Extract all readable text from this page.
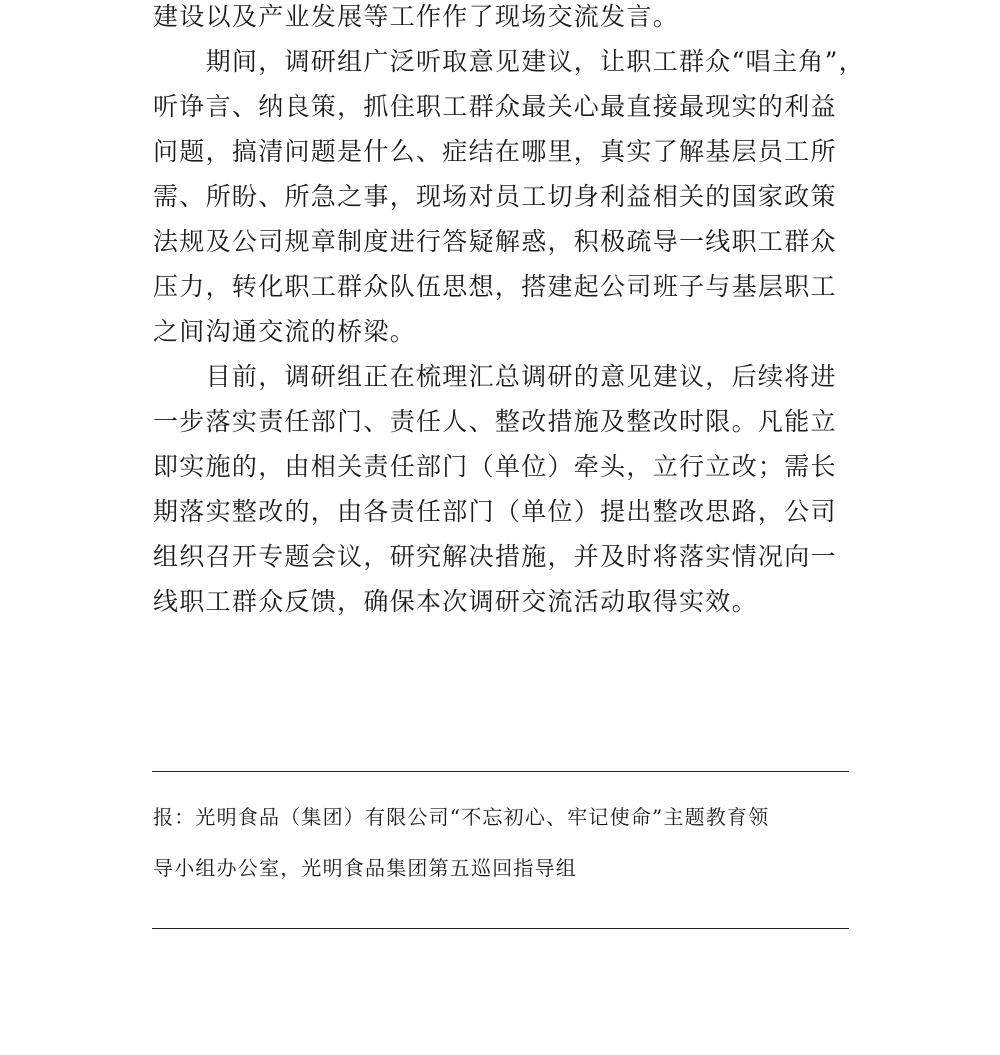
建设以及产业发展等工作作了现场交流发言。
　　期间，调研组广泛听取意见建议，让职工群众“唱主角”，
听诤言、纳良策，抓住职工群众最关心最直接最现实的利益
问题，搞清问题是什么、症结在哪里，真实了解基层员工所
需、所盼、所急之事，现场对员工切身利益相关的国家政策
法规及公司规章制度进行答疑解惑，积极疏导一线职工群众
压力，转化职工群众队伍思想，搭建起公司班子与基层职工
之间沟通交流的桥梁。
　　目前，调研组正在梳理汇总调研的意见建议，后续将进
一步落实责任部门、责任人、整改措施及整改时限。凡能立
即实施的，由相关责任部门（单位）牵头，立行立改；需长
期落实整改的，由各责任部门（单位）提出整改思路，公司
组织召开专题会议，研究解决措施，并及时将落实情况向一
线职工群众反馈，确保本次调研交流活动取得实效。
报：光明食品（集团）有限公司“不忘初心、牢记使命”主题教育领
导小组办公室，光明食品集团第五巡回指导组
